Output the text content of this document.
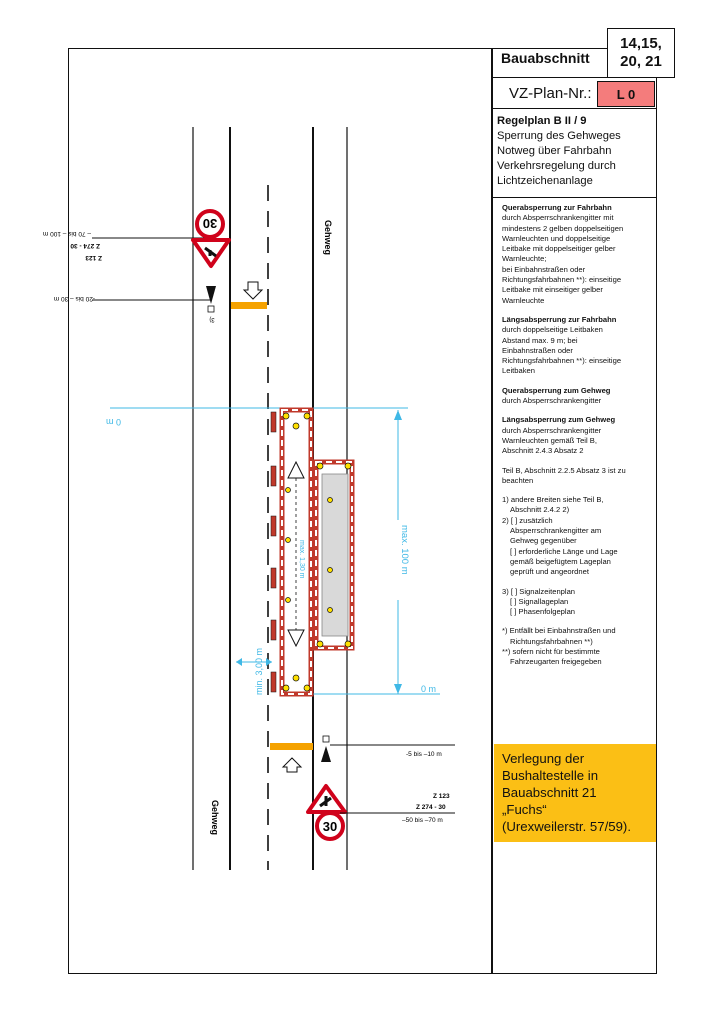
14,15,
20, 21
Bauabschnitt
VZ-Plan-Nr.:	L 0
Regelplan B II / 9
Sperrung des Gehweges
Notweg über Fahrbahn
Verkehrsregelung durch
Lichtzeichenanlage

Querabsperrung zur Fahrbahn
durch Absperrschrankengitter mit
mindestens 2 gelben doppelseitigen
Warnleuchten und doppelseitige
Leitbake mit doppelseitiger gelber
Warnleuchte;
bei Einbahnstraßen oder
Richtungsfahrbahnen **): einseitige
Leitbake mit einseitiger gelber
Warnleuchte

Längsabsperrung zur Fahrbahn
durch doppelseitige Leitbaken
Abstand max. 9 m; bei
Einbahnstraßen oder
Richtungsfahrbahnen **): einseitige
Leitbaken

Querabsperrung zum Gehweg
durch Absperrschrankengitter

Längsabsperrung zum Gehweg
durch Absperrschrankengitter
Warnleuchten gemäß Teil B,
Abschnitt 2.4.3 Absatz 2

Teil B, Abschnitt 2.2.5 Absatz 3 ist zu
beachten

1) andere Breiten siehe Teil B,
Abschnitt 2.4.2 2)
2) [ ] zusätzlich
Absperrschrankengitter am
Gehweg gegenüber
[ ] erforderliche Länge und Lage
gemäß beigefügtem Lageplan
geprüft und angeordnet

3) [ ] Signalzeitenplan
[ ] Signallageplan
[ ] Phasenfolgeplan

*) Entfällt bei Einbahnstraßen und
Richtungsfahrbahnen **)
**) sofern nicht für bestimmte
Fahrzeugarten freigegeben

Verlegung der
Bushaltestelle in
Bauabschnitt 21
„Fuchs“
(Urexweilerstr. 57/59).
Gehweg
Gehweg
– 70 bis – 100 m
Z 274 - 30
Z 123
30
-20 bis – 30 m
3)
0 m
max. 100 m
0 m
min. 3,00 m
max. 1,30 m
-5 bis –10 m
30
Z 123
Z 274 - 30
–50 bis –70 m
